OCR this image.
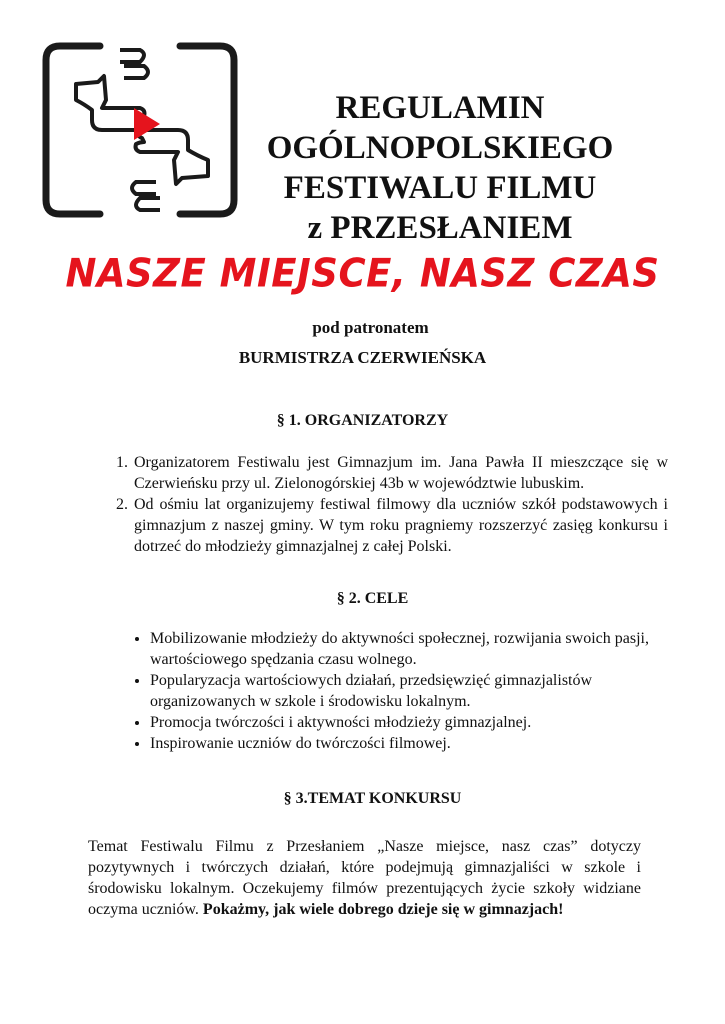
REGULAMIN
OGÓLNOPOLSKIEGO
FESTIWALU FILMU
z PRZESŁANIEM
NASZE MIEJSCE, NASZ CZAS
pod patronatem
BURMISTRZA CZERWIEŃSKA
§ 1. ORGANIZATORZY
1. Organizatorem Festiwalu jest Gimnazjum im. Jana Pawła II mieszczące się w Czerwieńsku przy ul. Zielonogórskiej 43b w województwie lubuskim.
2. Od ośmiu lat organizujemy festiwal filmowy dla uczniów szkół podstawowych i gimnazjum z naszej gminy. W tym roku pragniemy rozszerzyć zasięg konkursu i dotrzeć do młodzieży gimnazjalnej z całej Polski.
§ 2. CELE
• Mobilizowanie młodzieży do aktywności społecznej, rozwijania swoich pasji, wartościowego spędzania czasu wolnego.
• Popularyzacja wartościowych działań, przedsięwzięć gimnazjalistów organizowanych w szkole i środowisku lokalnym.
• Promocja twórczości i aktywności młodzieży gimnazjalnej.
• Inspirowanie uczniów do twórczości filmowej.
§ 3.TEMAT KONKURSU
Temat Festiwalu Filmu z Przesłaniem „Nasze miejsce, nasz czas” dotyczy pozytywnych i twórczych działań, które podejmują gimnazjaliści w szkole i środowisku lokalnym. Oczekujemy filmów prezentujących życie szkoły widziane oczyma uczniów. Pokażmy, jak wiele dobrego dzieje się w gimnazjach!
